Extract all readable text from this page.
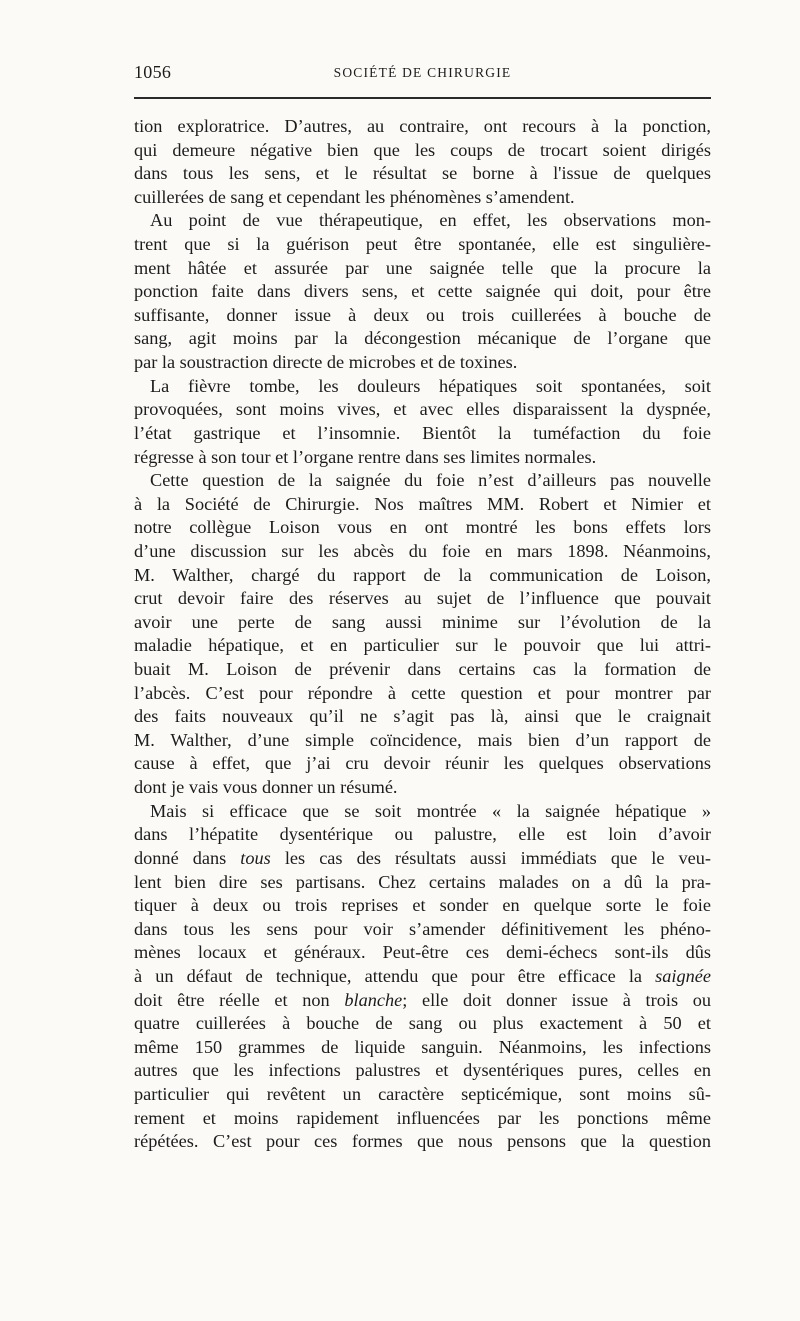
1056	SOCIÉTÉ DE CHIRURGIE
tion exploratrice. D’autres, au contraire, ont recours à la ponction,
qui demeure négative bien que les coups de trocart soient dirigés
dans tous les sens, et le résultat se borne à l'issue de quelques
cuillerées de sang et cependant les phénomènes s’amendent.
Au point de vue thérapeutique, en effet, les observations mon-
trent que si la guérison peut être spontanée, elle est singulière-
ment hâtée et assurée par une saignée telle que la procure la
ponction faite dans divers sens, et cette saignée qui doit, pour être
suffisante, donner issue à deux ou trois cuillerées à bouche de
sang, agit moins par la décongestion mécanique de l’organe que
par la soustraction directe de microbes et de toxines.
La fièvre tombe, les douleurs hépatiques soit spontanées, soit
provoquées, sont moins vives, et avec elles disparaissent la dyspnée,
l’état gastrique et l’insomnie. Bientôt la tuméfaction du foie
régresse à son tour et l’organe rentre dans ses limites normales.
Cette question de la saignée du foie n’est d’ailleurs pas nouvelle
à la Société de Chirurgie. Nos maîtres MM. Robert et Nimier et
notre collègue Loison vous en ont montré les bons effets lors
d’une discussion sur les abcès du foie en mars 1898. Néanmoins,
M. Walther, chargé du rapport de la communication de Loison,
crut devoir faire des réserves au sujet de l’influence que pouvait
avoir une perte de sang aussi minime sur l’évolution de la
maladie hépatique, et en particulier sur le pouvoir que lui attri-
buait M. Loison de prévenir dans certains cas la formation de
l’abcès. C’est pour répondre à cette question et pour montrer par
des faits nouveaux qu’il ne s’agit pas là, ainsi que le craignait
M. Walther, d’une simple coïncidence, mais bien d’un rapport de
cause à effet, que j’ai cru devoir réunir les quelques observations
dont je vais vous donner un résumé.
Mais si efficace que se soit montrée « la saignée hépatique »
dans l’hépatite dysentérique ou palustre, elle est loin d’avoir
donné dans tous les cas des résultats aussi immédiats que le veu-
lent bien dire ses partisans. Chez certains malades on a dû la pra-
tiquer à deux ou trois reprises et sonder en quelque sorte le foie
dans tous les sens pour voir s’amender définitivement les phéno-
mènes locaux et généraux. Peut-être ces demi-échecs sont-ils dûs
à un défaut de technique, attendu que pour être efficace la saignée
doit être réelle et non blanche; elle doit donner issue à trois ou
quatre cuillerées à bouche de sang ou plus exactement à 50 et
même 150 grammes de liquide sanguin. Néanmoins, les infections
autres que les infections palustres et dysentériques pures, celles en
particulier qui revêtent un caractère septicémique, sont moins sû-
rement et moins rapidement influencées par les ponctions même
répétées. C’est pour ces formes que nous pensons que la question
